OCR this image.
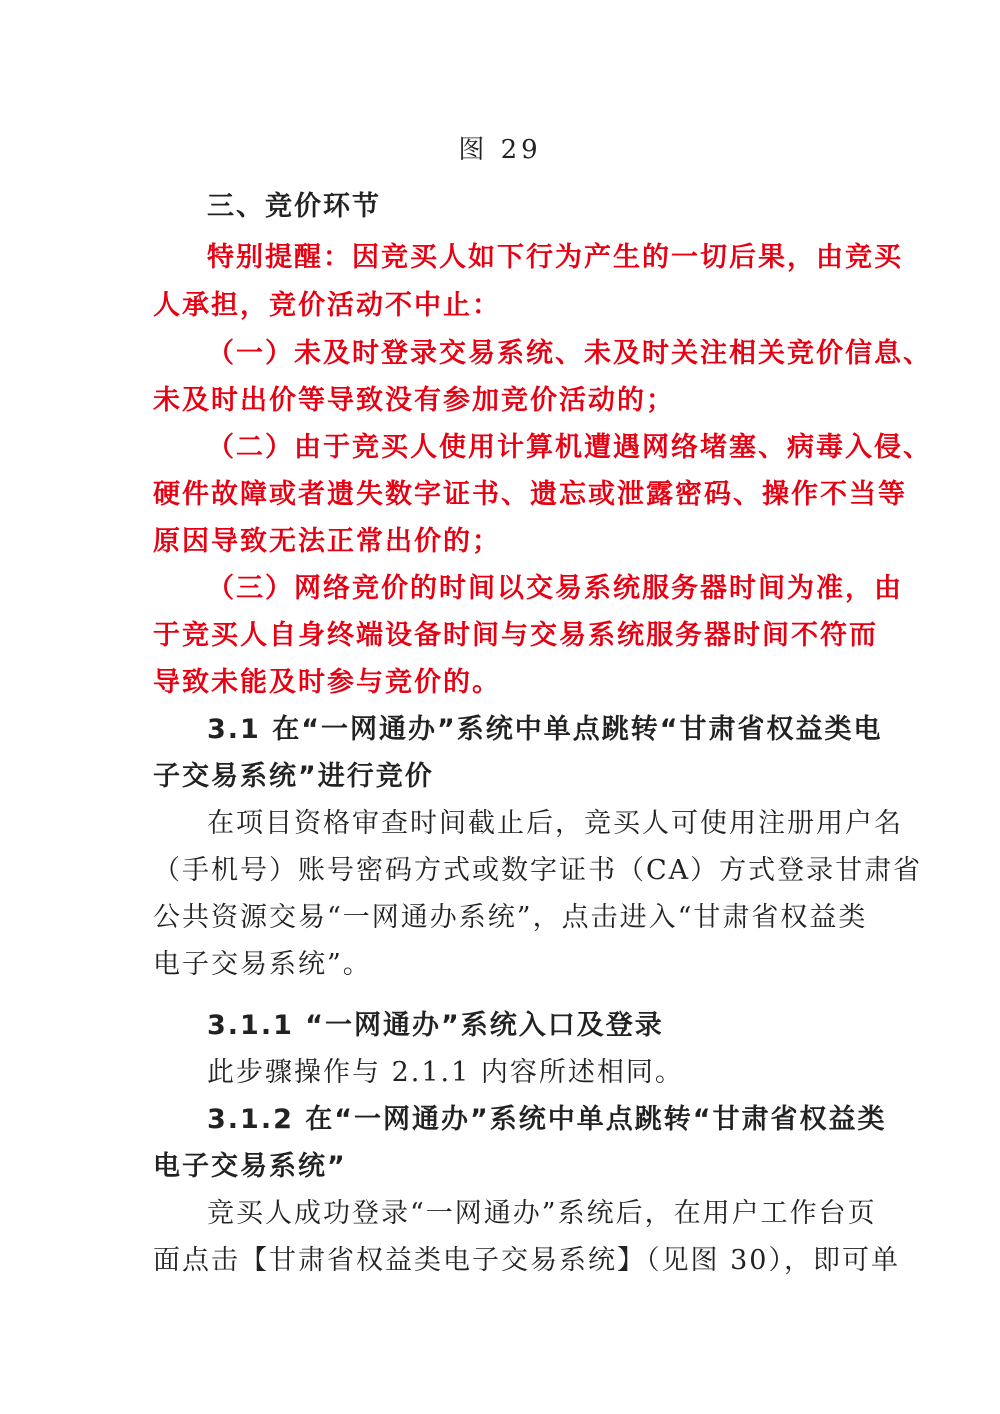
图 29
三、竞价环节
特别提醒：因竞买人如下行为产生的一切后果，由竞买
人承担，竞价活动不中止：
（一）未及时登录交易系统、未及时关注相关竞价信息、
未及时出价等导致没有参加竞价活动的；
（二）由于竞买人使用计算机遭遇网络堵塞、病毒入侵、
硬件故障或者遗失数字证书、遗忘或泄露密码、操作不当等
原因导致无法正常出价的；
（三）网络竞价的时间以交易系统服务器时间为准，由
于竞买人自身终端设备时间与交易系统服务器时间不符而
导致未能及时参与竞价的。
3.1 在“一网通办”系统中单点跳转“甘肃省权益类电
子交易系统”进行竞价
在项目资格审查时间截止后，竞买人可使用注册用户名
（手机号）账号密码方式或数字证书（CA）方式登录甘肃省
公共资源交易“一网通办系统”，点击进入“甘肃省权益类
电子交易系统”。
3.1.1 “一网通办”系统入口及登录
此步骤操作与 2.1.1 内容所述相同。
3.1.2 在“一网通办”系统中单点跳转“甘肃省权益类
电子交易系统”
竞买人成功登录“一网通办”系统后，在用户工作台页
面点击【甘肃省权益类电子交易系统】（见图 30），即可单
